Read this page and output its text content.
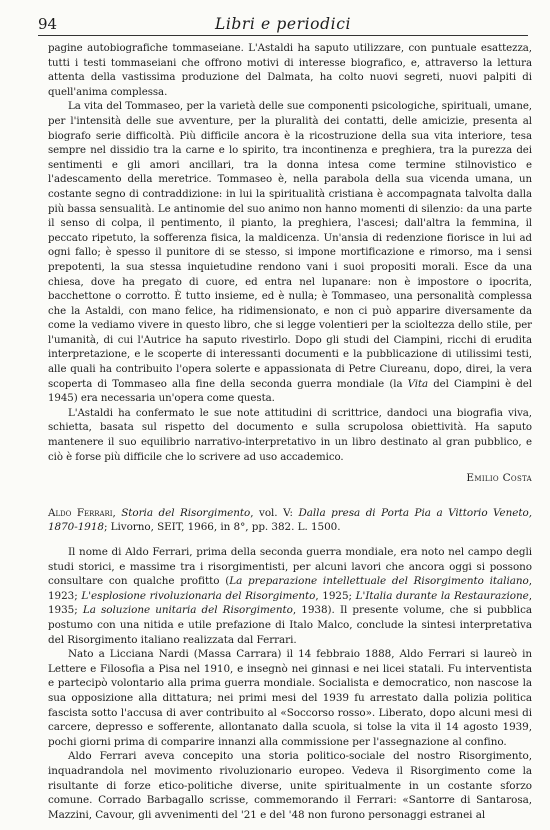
94	Libri e periodici

pagine autobiografiche tommaseiane. L'Astaldi ha saputo utilizzare, con puntuale esattezza, tutti i testi tommaseiani che offrono motivi di interesse biografico, e, attraverso la lettura attenta della vastissima produzione del Dalmata, ha colto nuovi segreti, nuovi palpiti di quell'anima complessa.

La vita del Tommaseo, per la varietà delle sue componenti psicologiche, spirituali, umane, per l'intensità delle sue avventure, per la pluralità dei contatti, delle amicizie, presenta al biografo serie difficoltà. Più difficile ancora è la ricostruzione della sua vita interiore, tesa sempre nel dissidio tra la carne e lo spirito, tra incontinenza e preghiera, tra la purezza dei sentimenti e gli amori ancillari, tra la donna intesa come termine stilnovistico e l'adescamento della meretrice. Tommaseo è, nella parabola della sua vicenda umana, un costante segno di contraddizione: in lui la spiritualità cristiana è accompagnata talvolta dalla più bassa sensualità. Le antinomie del suo animo non hanno momenti di silenzio: da una parte il senso di colpa, il pentimento, il pianto, la preghiera, l'ascesi; dall'altra la femmina, il peccato ripetuto, la sofferenza fisica, la maldicenza. Un'ansia di redenzione fiorisce in lui ad ogni fallo; è spesso il punitore di se stesso, si impone mortificazione e rimorso, ma i sensi prepotenti, la sua stessa inquietudine rendono vani i suoi propositi morali. Esce da una chiesa, dove ha pregato di cuore, ed entra nel lupanare: non è impostore o ipocrita, bacchettone o corrotto. È tutto insieme, ed è nulla; è Tommaseo, una personalità complessa che la Astaldi, con mano felice, ha ridimensionato, e non ci può apparire diversamente da come la vediamo vivere in questo libro, che si legge volentieri per la scioltezza dello stile, per l'umanità, di cui l'Autrice ha saputo rivestirlo. Dopo gli studi del Ciampini, ricchi di erudita interpretazione, e le scoperte di interessanti documenti e la pubblicazione di utilissimi testi, alle quali ha contribuito l'opera solerte e appassionata di Petre Ciureanu, dopo, direi, la vera scoperta di Tommaseo alla fine della seconda guerra mondiale (la Vita del Ciampini è del 1945) era necessaria un'opera come questa.

L'Astaldi ha confermato le sue note attitudini di scrittrice, dandoci una biografia viva, schietta, basata sul rispetto del documento e sulla scrupolosa obiettività. Ha saputo mantenere il suo equilibrio narrativo-interpretativo in un libro destinato al gran pubblico, e ciò è forse più difficile che lo scrivere ad uso accademico.

Emilio Costa
Aldo Ferrari, Storia del Risorgimento, vol. V: Dalla presa di Porta Pia a Vittorio Veneto, 1870-1918; Livorno, SEIT, 1966, in 8°, pp. 382. L. 1500.

Il nome di Aldo Ferrari, prima della seconda guerra mondiale, era noto nel campo degli studi storici, e massime tra i risorgimentisti, per alcuni lavori che ancora oggi si possono consultare con qualche profitto (La preparazione intellettuale del Risorgimento italiano, 1923; L'esplosione rivoluzionaria del Risorgimento, 1925; L'Italia durante la Restaurazione, 1935; La soluzione unitaria del Risorgimento, 1938). Il presente volume, che si pubblica postumo con una nitida e utile prefazione di Italo Malco, conclude la sintesi interpretativa del Risorgimento italiano realizzata dal Ferrari.

Nato a Licciana Nardi (Massa Carrara) il 14 febbraio 1888, Aldo Ferrari si laureò in Lettere e Filosofia a Pisa nel 1910, e insegnò nei ginnasi e nei licei statali. Fu interventista e partecipò volontario alla prima guerra mondiale. Socialista e democratico, non nascose la sua opposizione alla dittatura; nei primi mesi del 1939 fu arrestato dalla polizia politica fascista sotto l'accusa di aver contribuito al «Soccorso rosso». Liberato, dopo alcuni mesi di carcere, depresso e sofferente, allontanato dalla scuola, si tolse la vita il 14 agosto 1939, pochi giorni prima di comparire innanzi alla commissione per l'assegnazione al confino.

Aldo Ferrari aveva concepito una storia politico-sociale del nostro Risorgimento, inquadrandola nel movimento rivoluzionario europeo. Vedeva il Risorgimento come la risultante di forze etico-politiche diverse, unite spiritualmente in un costante sforzo comune. Corrado Barbagallo scrisse, commemorando il Ferrari: «Santorre di Santarosa, Mazzini, Cavour, gli avvenimenti del '21 e del '48 non furono personaggi estranei al
